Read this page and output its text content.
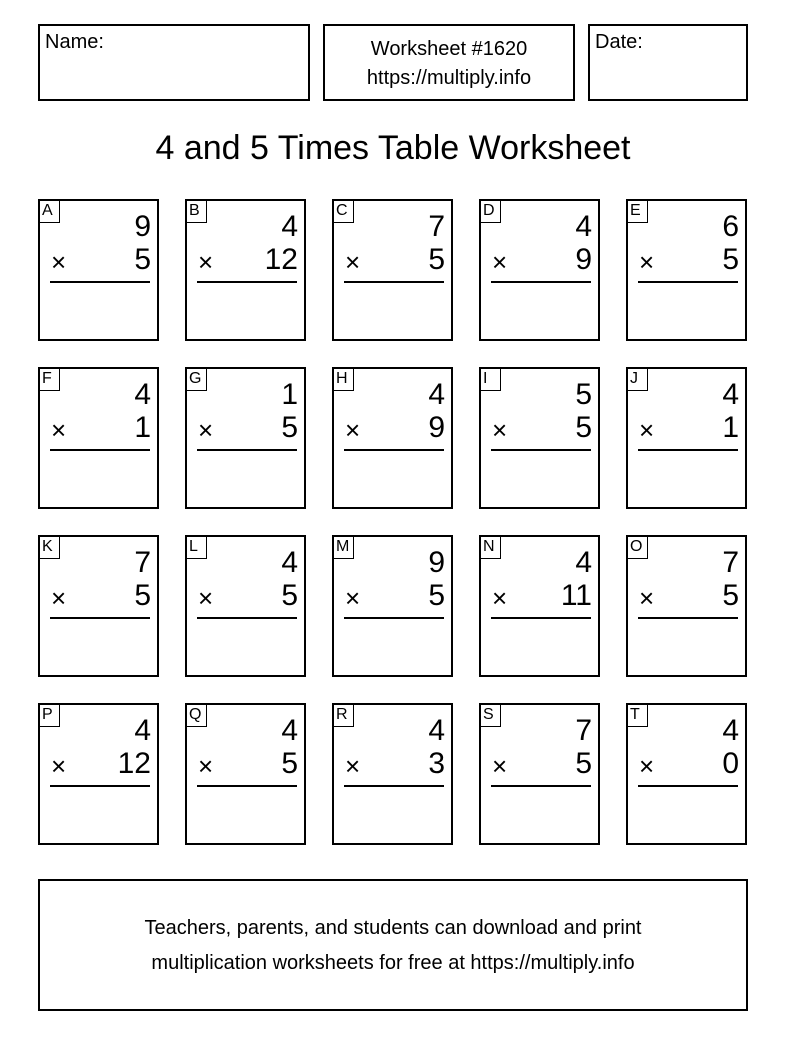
Name:	Worksheet #1620
https://multiply.info
Date:
4 and 5 Times Table Worksheet
A	9
× 5
B	4
× 12
C	7
× 5
D	4
× 9
E	6
× 5
F	4
× 1
G	1
× 5
H	4
× 9
I	5
× 5
J	4
× 1
K	7
× 5
L	4
× 5
M	9
× 5
N	4
× 11
O	7
× 5
P	4
× 12
Q	4
× 5
R	4
× 3
S	7
× 5
T	4
× 0
Teachers, parents, and students can download and print
multiplication worksheets for free at https://multiply.info
